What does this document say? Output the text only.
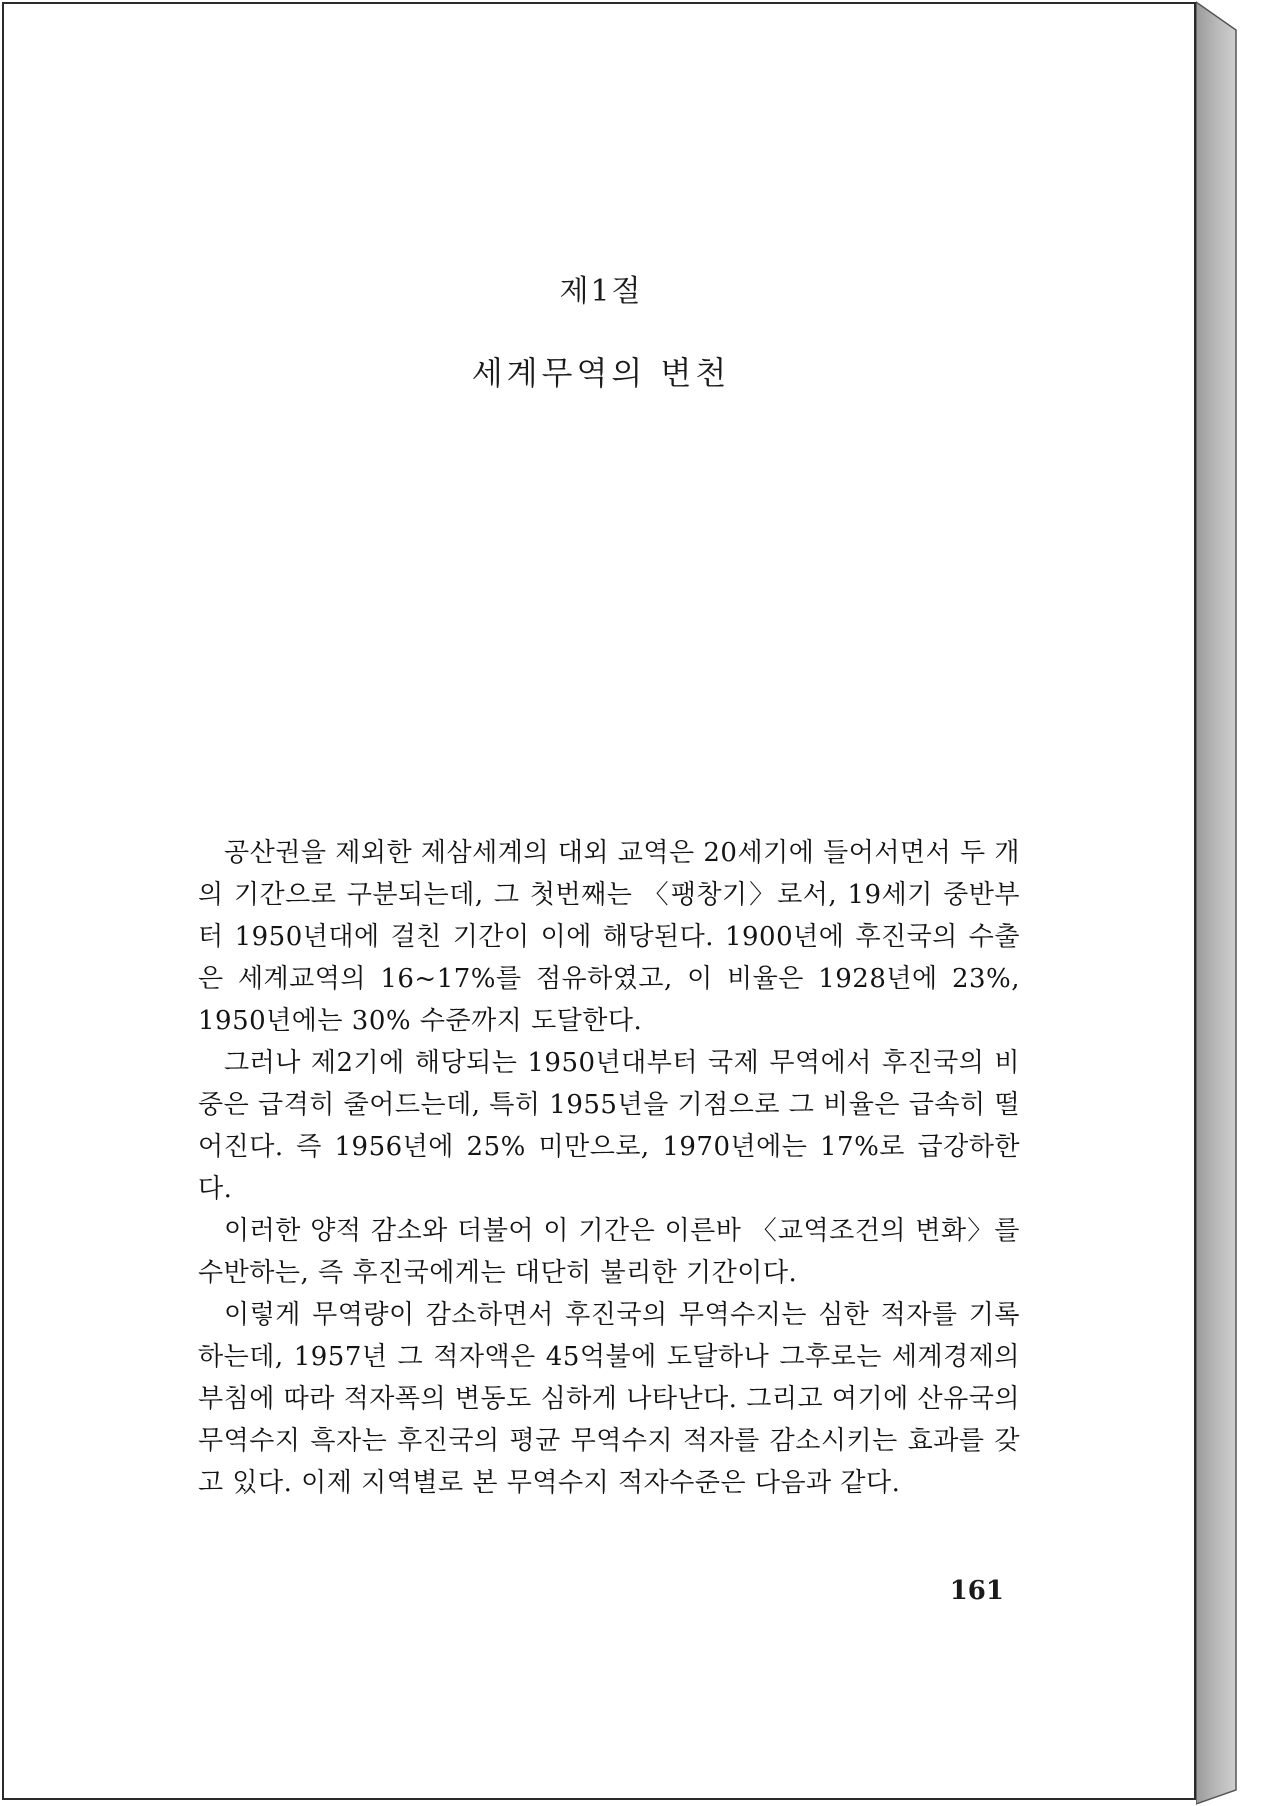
제1절
세계무역의 변천

공산권을 제외한 제삼세계의 대외 교역은 20세기에 들어서면서 두 개의 기간으로 구분되는데, 그 첫번째는 〈팽창기〉로서, 19세기 중반부터 1950년대에 걸친 기간이 이에 해당된다. 1900년에 후진국의 수출은 세계교역의 16~17%를 점유하였고, 이 비율은 1928년에 23%, 1950년에는 30% 수준까지 도달한다.

그러나 제2기에 해당되는 1950년대부터 국제 무역에서 후진국의 비중은 급격히 줄어드는데, 특히 1955년을 기점으로 그 비율은 급속히 떨어진다. 즉 1956년에 25% 미만으로, 1970년에는 17%로 급강하한다.

이러한 양적 감소와 더불어 이 기간은 이른바 〈교역조건의 변화〉를 수반하는, 즉 후진국에게는 대단히 불리한 기간이다.

이렇게 무역량이 감소하면서 후진국의 무역수지는 심한 적자를 기록하는데, 1957년 그 적자액은 45억불에 도달하나 그후로는 세계경제의 부침에 따라 적자폭의 변동도 심하게 나타난다. 그리고 여기에 산유국의 무역수지 흑자는 후진국의 평균 무역수지 적자를 감소시키는 효과를 갖고 있다. 이제 지역별로 본 무역수지 적자수준은 다음과 같다.

161
